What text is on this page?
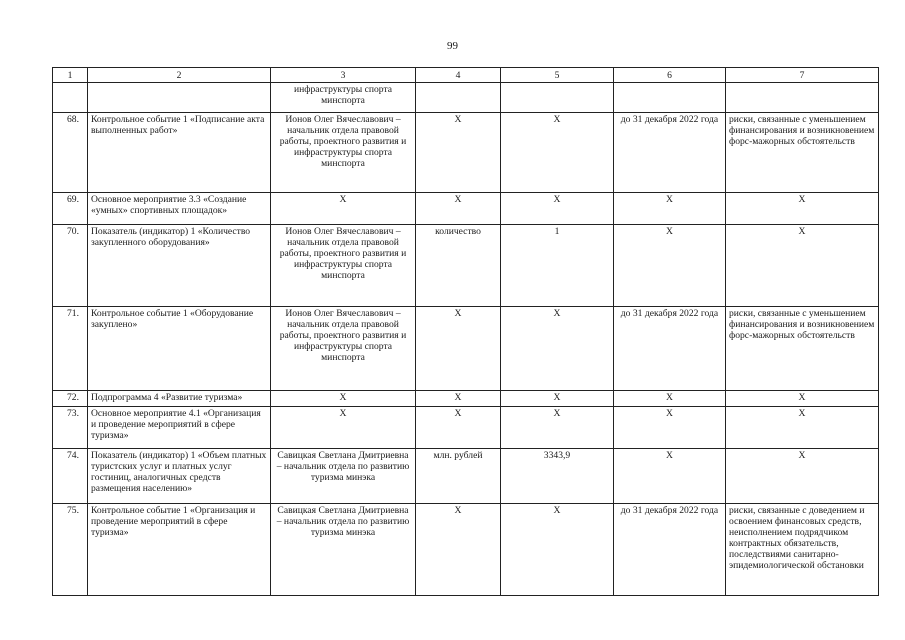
99
1	2	3	4	5	6	7
		инфраструктуры спорта минспорта				
68.	Контрольное событие 1 «Подписание акта выполненных работ»	Ионов Олег Вячеславович – начальник отдела правовой работы, проектного развития и инфраструктуры спорта минспорта	X	X	до 31 декабря 2022 года	риски, связанные с уменьшением финансирования и возникновением форс-мажорных обстоятельств
69.	Основное мероприятие 3.3 «Создание «умных» спортивных площадок»	X	X	X	X	X
70.	Показатель (индикатор) 1 «Количество закупленного оборудования»	Ионов Олег Вячеславович – начальник отдела правовой работы, проектного развития и инфраструктуры спорта минспорта	количество	1	X	X
71.	Контрольное событие 1 «Оборудование закуплено»	Ионов Олег Вячеславович – начальник отдела правовой работы, проектного развития и инфраструктуры спорта минспорта	X	X	до 31 декабря 2022 года	риски, связанные с уменьшением финансирования и возникновением форс-мажорных обстоятельств
72.	Подпрограмма 4 «Развитие туризма»	X	X	X	X	X
73.	Основное мероприятие 4.1 «Организация и проведение мероприятий в сфере туризма»	X	X	X	X	X
74.	Показатель (индикатор) 1 «Объем платных туристских услуг и платных услуг гостиниц, аналогичных средств размещения населению»	Савицкая Светлана Дмитриевна – начальник отдела по развитию туризма минэка	млн. рублей	3343,9	X	X
75.	Контрольное событие 1 «Организация и проведение мероприятий в сфере туризма»	Савицкая Светлана Дмитриевна – начальник отдела по развитию туризма минэка	X	X	до 31 декабря 2022 года	риски, связанные с доведением и освоением финансовых средств, неисполнением подрядчиком контрактных обязательств, последствиями санитарно-эпидемиологической обстановки
